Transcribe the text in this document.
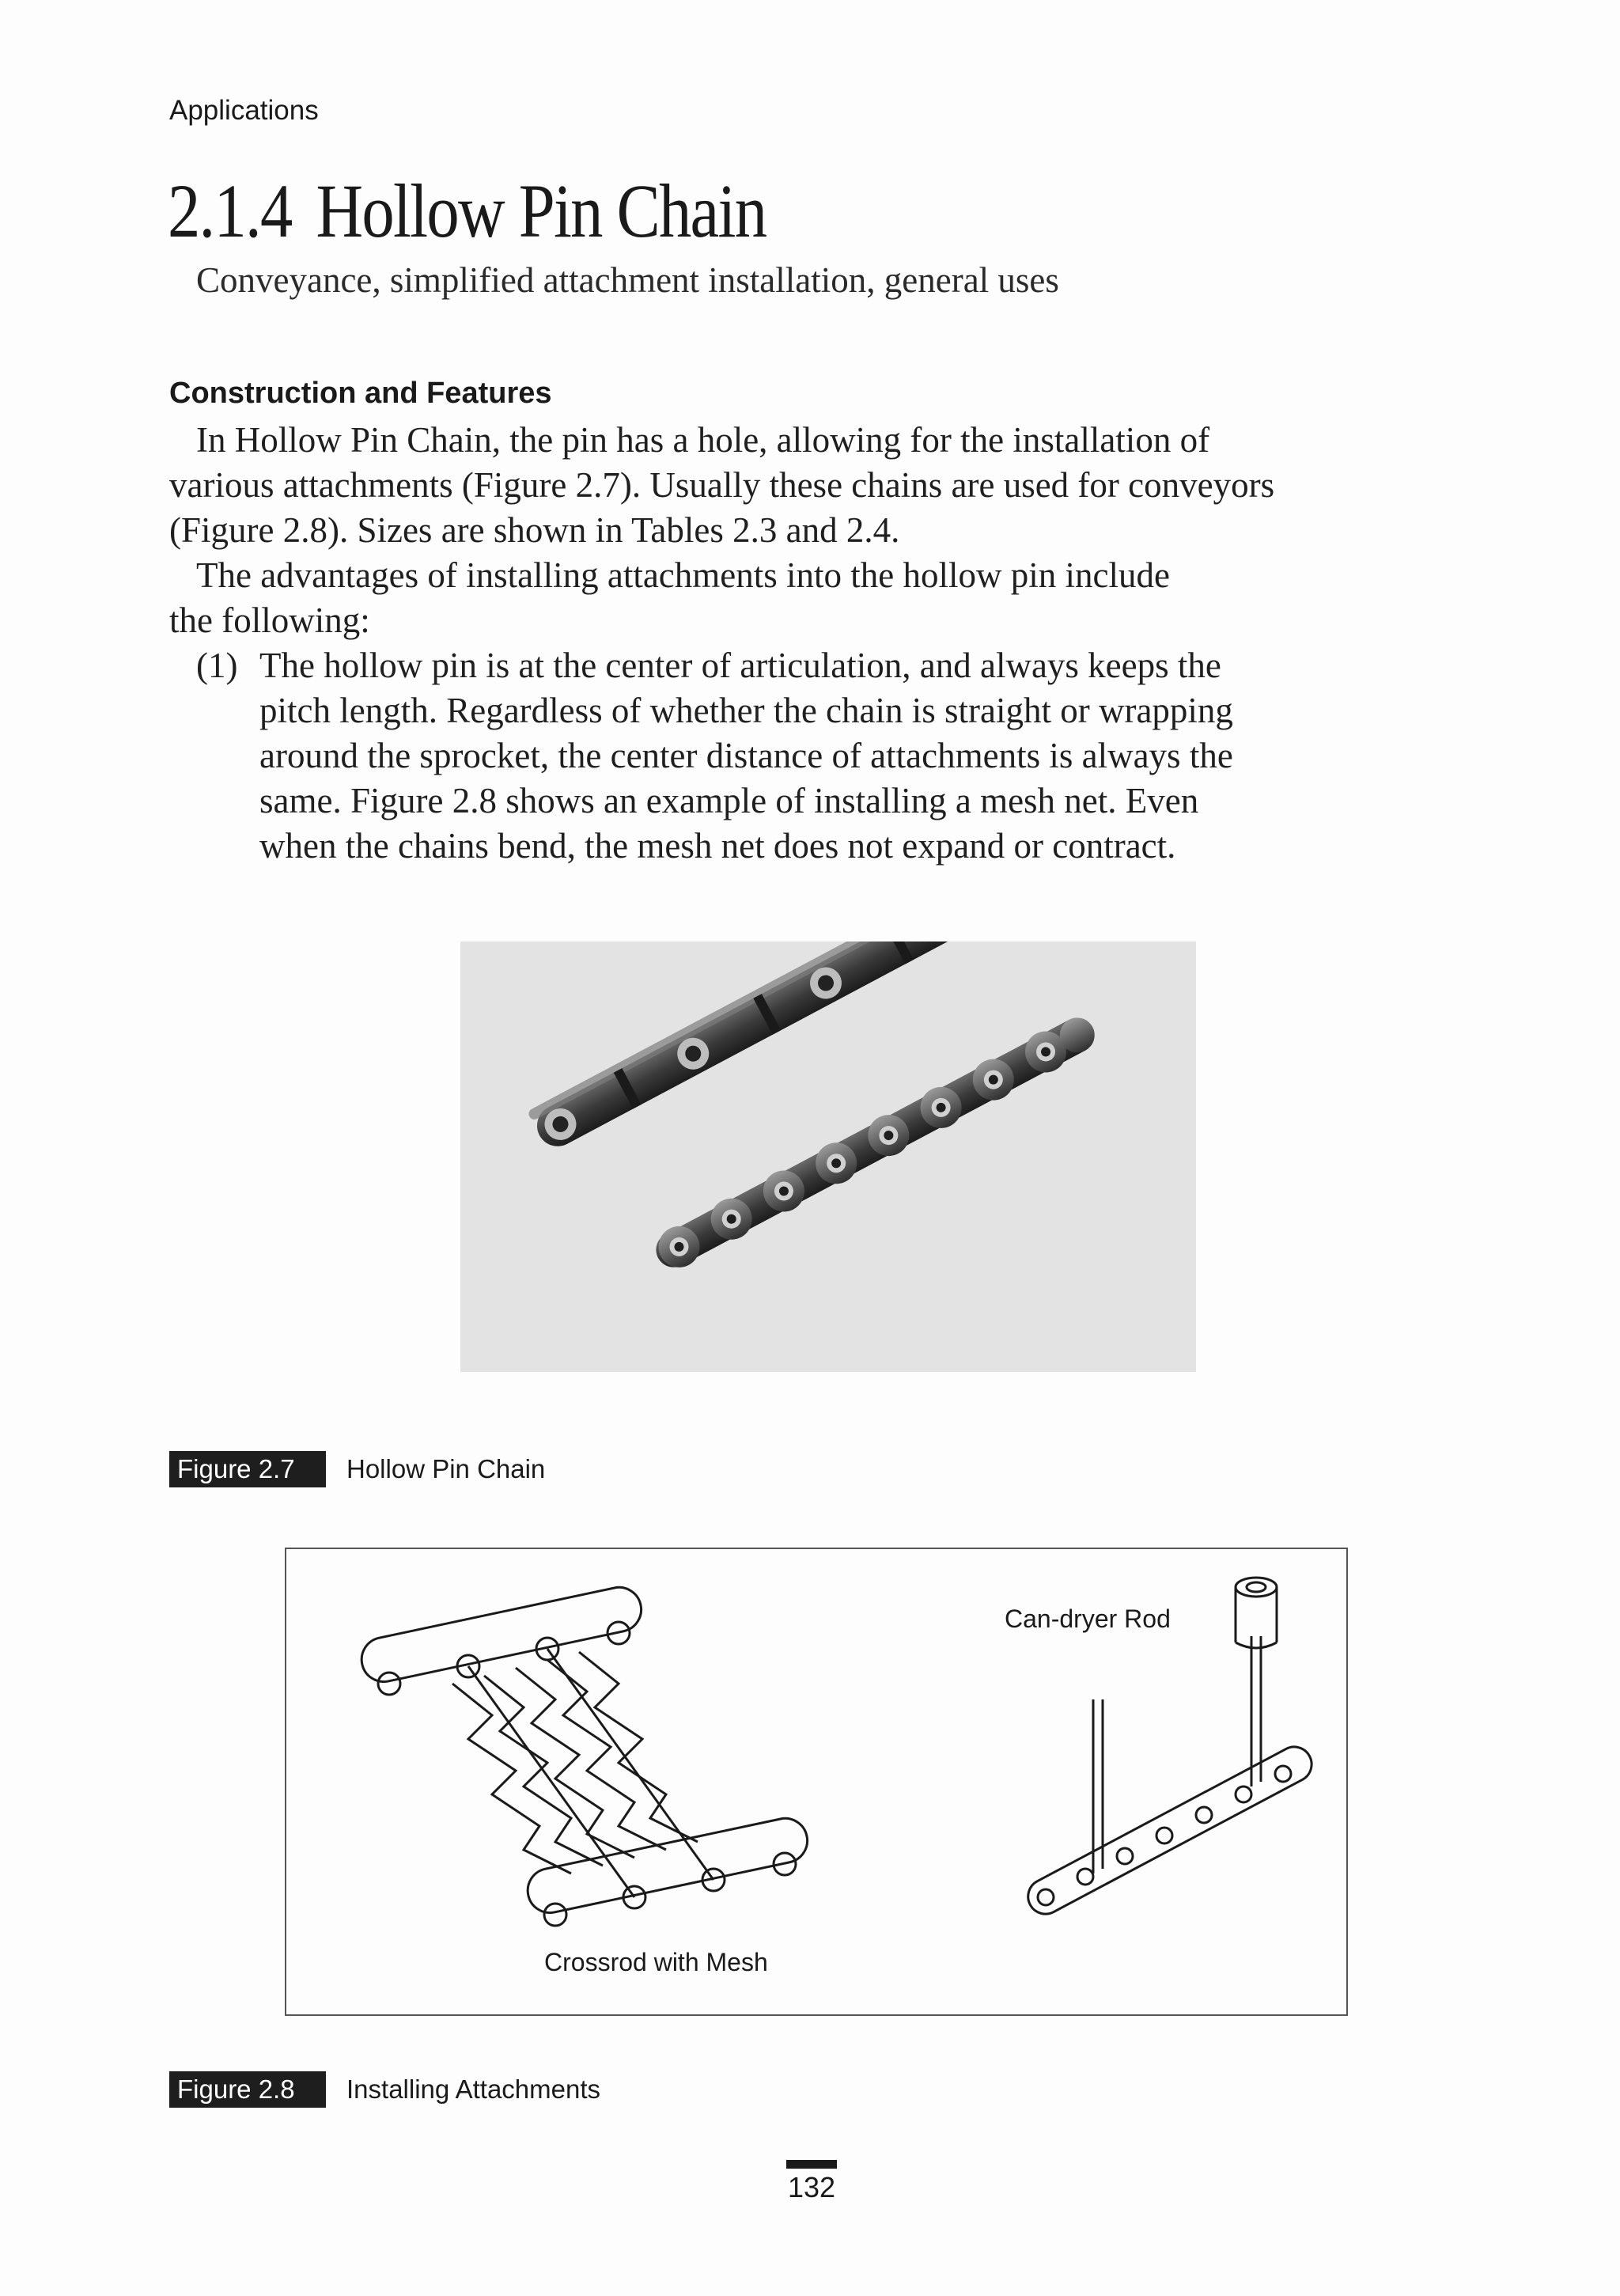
Applications
2.1.4 Hollow Pin Chain
Conveyance, simplified attachment installation, general uses
Construction and Features
In Hollow Pin Chain, the pin has a hole, allowing for the installation of
various attachments (Figure 2.7). Usually these chains are used for conveyors
(Figure 2.8). Sizes are shown in Tables 2.3 and 2.4.
The advantages of installing attachments into the hollow pin include
the following:
(1) The hollow pin is at the center of articulation, and always keeps the
pitch length. Regardless of whether the chain is straight or wrapping
around the sprocket, the center distance of attachments is always the
same. Figure 2.8 shows an example of installing a mesh net. Even
when the chains bend, the mesh net does not expand or contract.
Figure 2.7	Hollow Pin Chain
Can-dryer Rod
Crossrod with Mesh
Figure 2.8	Installing Attachments
132
